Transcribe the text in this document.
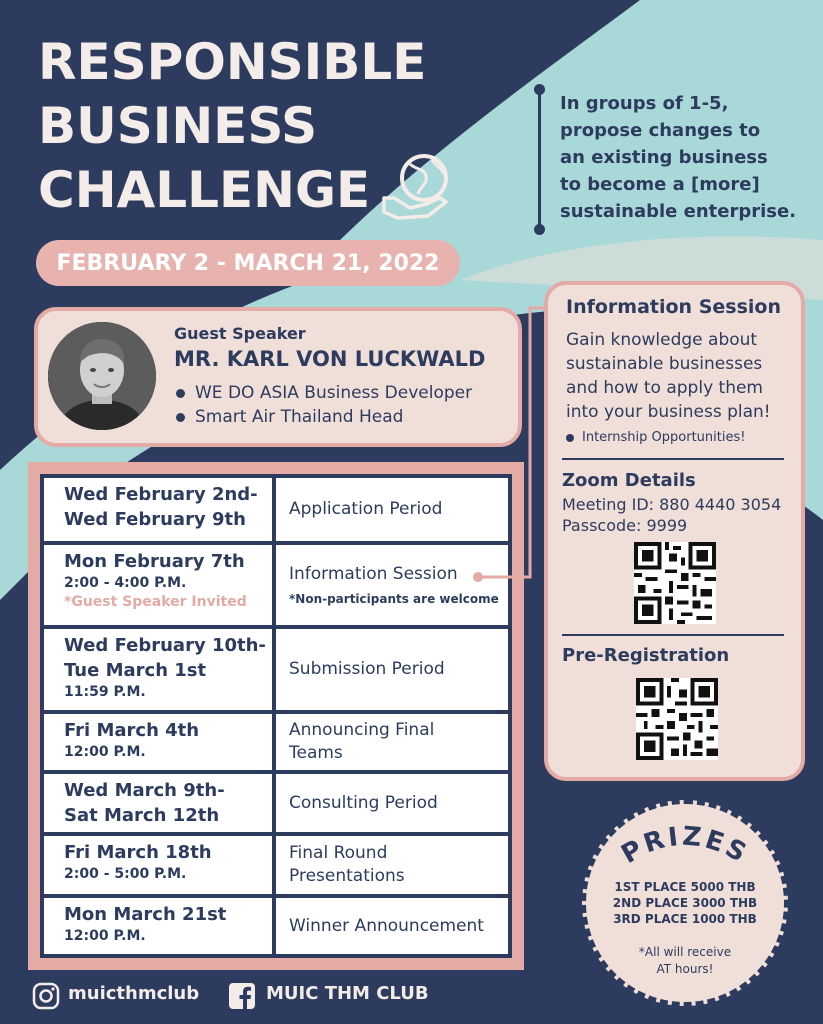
RESPONSIBLE
BUSINESS
CHALLENGE
FEBRUARY 2 - MARCH 21, 2022
In groups of 1-5,
propose changes to
an existing business
to become a [more]
sustainable enterprise.
Guest Speaker
MR. KARL VON LUCKWALD
WE DO ASIA Business Developer
Smart Air Thailand Head
Wed February 2nd-
Wed February 9th	Application Period
Mon February 7th
2:00 - 4:00 P.M.
*Guest Speaker Invited
Information Session
*Non-participants are welcome
Wed February 10th-
Tue March 1st
11:59 P.M.
Submission Period
Fri March 4th
12:00 P.M.
Announcing Final
Teams
Wed March 9th-
Sat March 12th
Consulting Period
Fri March 18th
2:00 - 5:00 P.M.
Final Round
Presentations
Mon March 21st
12:00 P.M.
Winner Announcement
Information Session
Gain knowledge about sustainable businesses and how to apply them into your business plan!
Internship Opportunities!
Zoom Details
Meeting ID: 880 4440 3054
Passcode: 9999
Pre-Registration
PRIZES
1ST PLACE 5000 THB
2ND PLACE 3000 THB
3RD PLACE 1000 THB
*All will receive
AT hours!
muicthmclub	MUIC THM CLUB
